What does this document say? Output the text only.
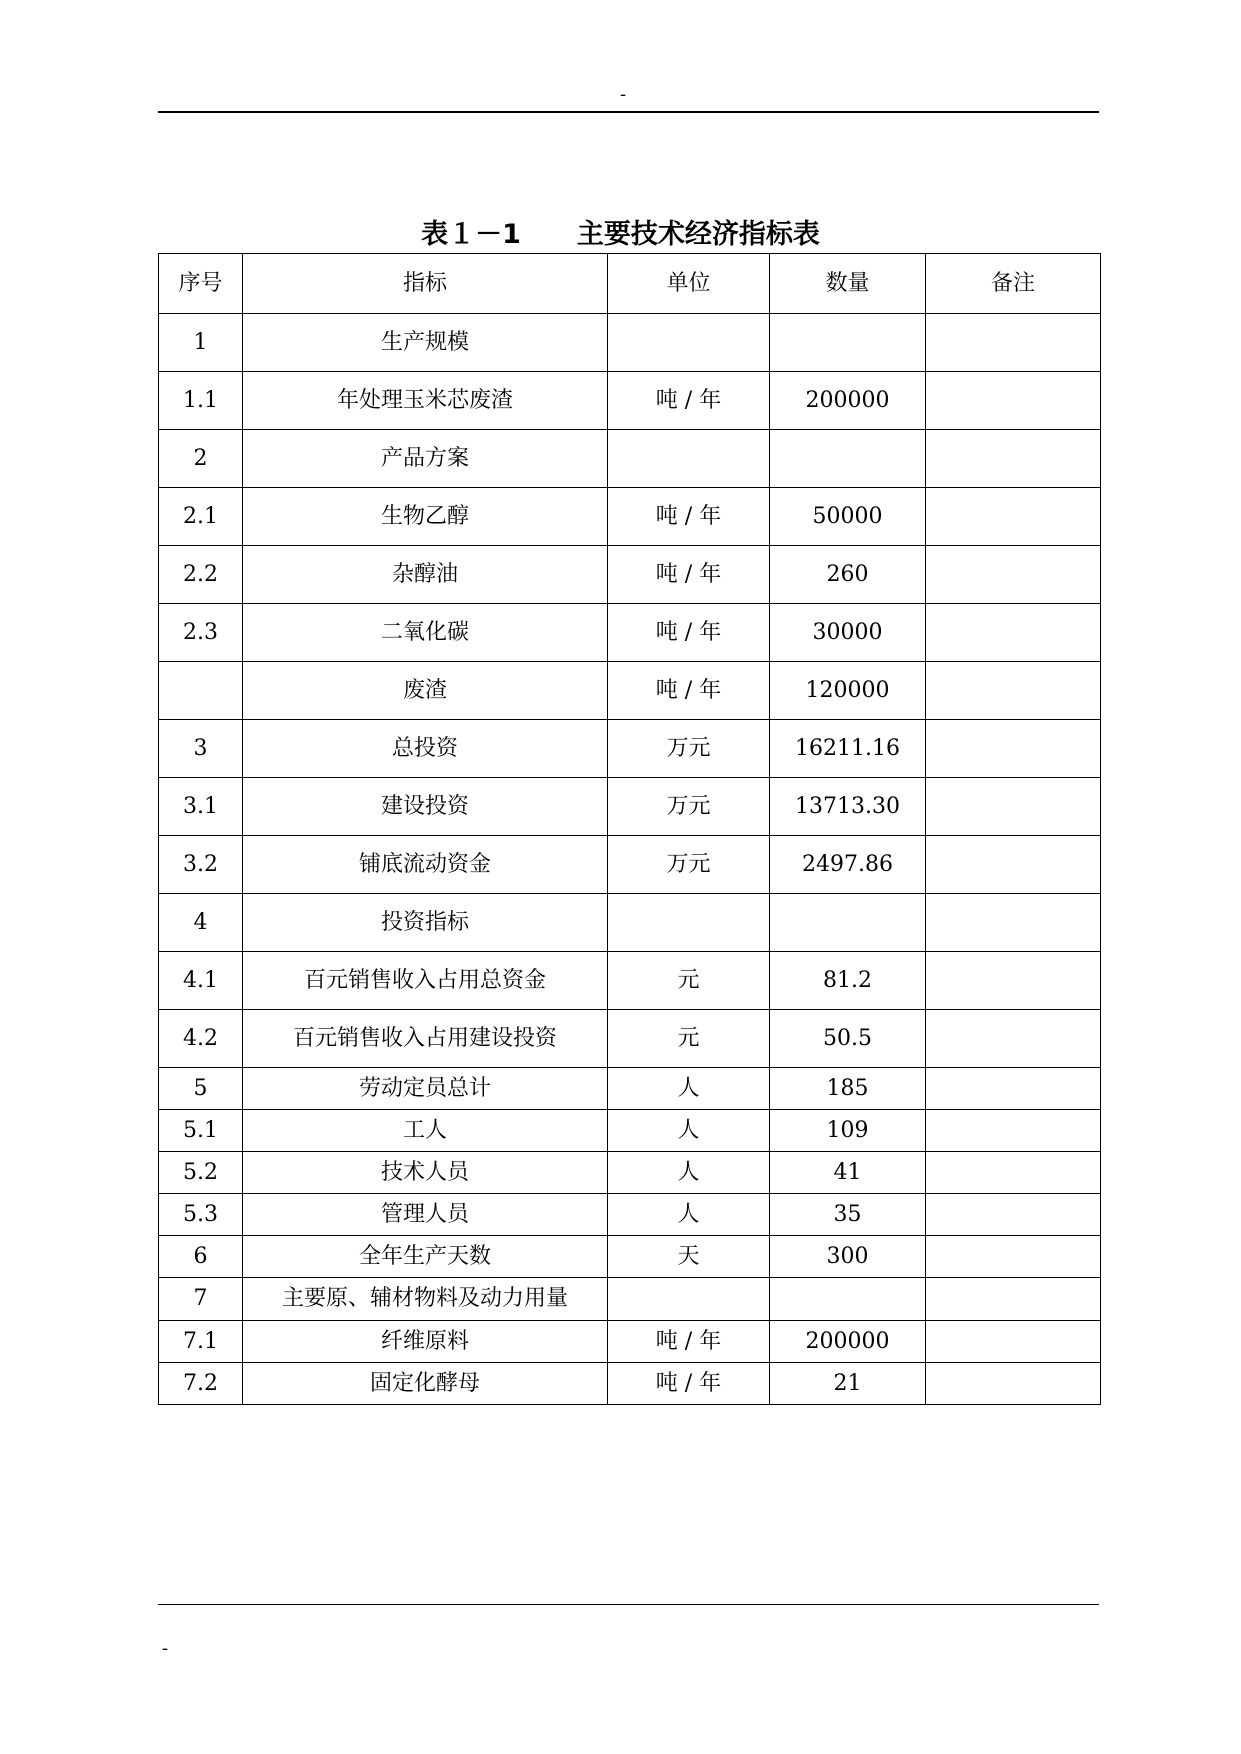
-
表１－1 主要技术经济指标表
序号	指标	单位	数量	备注
1	生产规模			
1.1	年处理玉米芯废渣	吨 / 年	200000	
2	产品方案			
2.1	生物乙醇	吨 / 年	50000	
2.2	杂醇油	吨 / 年	260	
2.3	二氧化碳	吨 / 年	30000	
	废渣	吨 / 年	120000	
3	总投资	万元	16211.16	
3.1	建设投资	万元	13713.30	
3.2	铺底流动资金	万元	2497.86	
4	投资指标			
4.1	百元销售收入占用总资金	元	81.2	
4.2	百元销售收入占用建设投资	元	50.5	
5	劳动定员总计	人	185	
5.1	工人	人	109	
5.2	技术人员	人	41	
5.3	管理人员	人	35	
6	全年生产天数	天	300	
7	主要原、辅材物料及动力用量			
7.1	纤维原料	吨 / 年	200000	
7.2	固定化酵母	吨 / 年	21	
-
